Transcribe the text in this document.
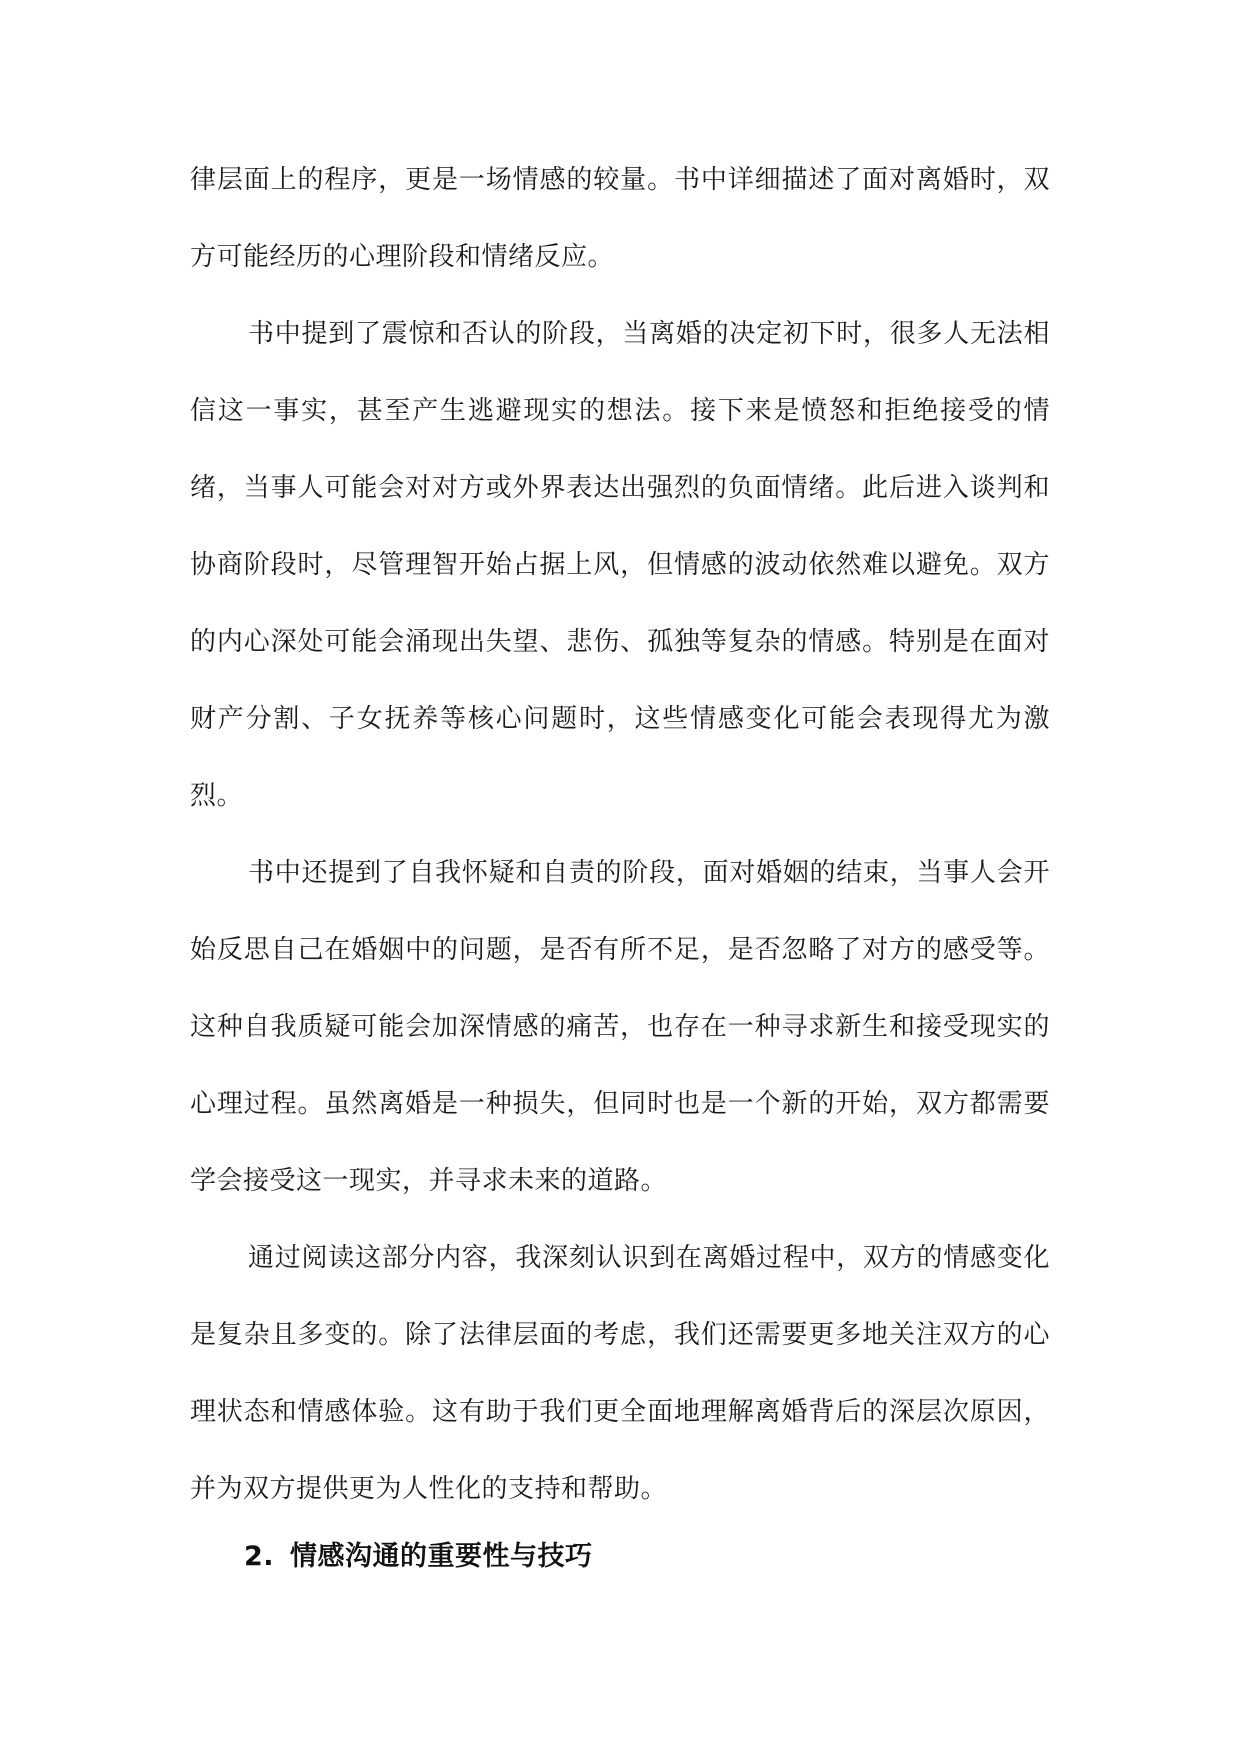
律层面上的程序，更是一场情感的较量。书中详细描述了面对离婚时，双方可能经历的心理阶段和情绪反应。

书中提到了震惊和否认的阶段，当离婚的决定初下时，很多人无法相信这一事实，甚至产生逃避现实的想法。接下来是愤怒和拒绝接受的情绪，当事人可能会对对方或外界表达出强烈的负面情绪。此后进入谈判和协商阶段时，尽管理智开始占据上风，但情感的波动依然难以避免。双方的内心深处可能会涌现出失望、悲伤、孤独等复杂的情感。特别是在面对财产分割、子女抚养等核心问题时，这些情感变化可能会表现得尤为激烈。

书中还提到了自我怀疑和自责的阶段，面对婚姻的结束，当事人会开始反思自己在婚姻中的问题，是否有所不足，是否忽略了对方的感受等。这种自我质疑可能会加深情感的痛苦，也存在一种寻求新生和接受现实的心理过程。虽然离婚是一种损失，但同时也是一个新的开始，双方都需要学会接受这一现实，并寻求未来的道路。

通过阅读这部分内容，我深刻认识到在离婚过程中，双方的情感变化是复杂且多变的。除了法律层面的考虑，我们还需要更多地关注双方的心理状态和情感体验。这有助于我们更全面地理解离婚背后的深层次原因，并为双方提供更为人性化的支持和帮助。

2. 情感沟通的重要性与技巧
